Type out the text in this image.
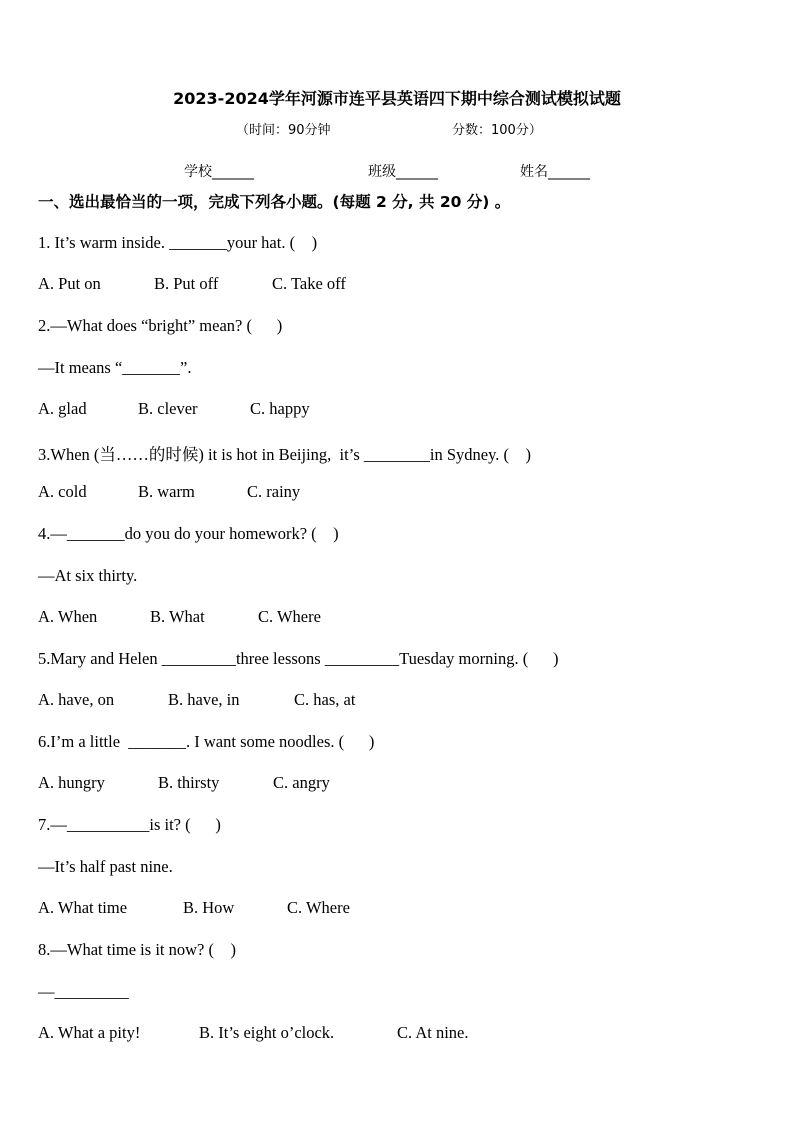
2023-2024学年河源市连平县英语四下期中综合测试模拟试题
（时间：90分钟	分数：100分）
学校______	班级______	姓名______
一、选出最恰当的一项，完成下列各小题。(每题 2 分, 共 20 分) 。
1. It’s warm inside. _______your hat. (    )
A. Put on	B. Put off	C. Take off
2.—What does “bright” mean? (      )
—It means “_______”.
A. glad	B. clever	C. happy
3.When (当……的时候) it is hot in Beijing,  it’s ________in Sydney. (    )
A. cold	B. warm	C. rainy
4.—_______do you do your homework? (    )
—At six thirty.
A. When	B. What	C. Where
5.Mary and Helen _________three lessons _________Tuesday morning. (      )
A. have, on	B. have, in	C. has, at
6.I’m a little  _______. I want some noodles. (      )
A. hungry	B. thirsty	C. angry
7.—__________is it? (      )
—It’s half past nine.
A. What time	B. How	C. Where
8.—What time is it now? (    )
—_________
A. What a pity!	B. It’s eight o’clock.	C. At nine.
